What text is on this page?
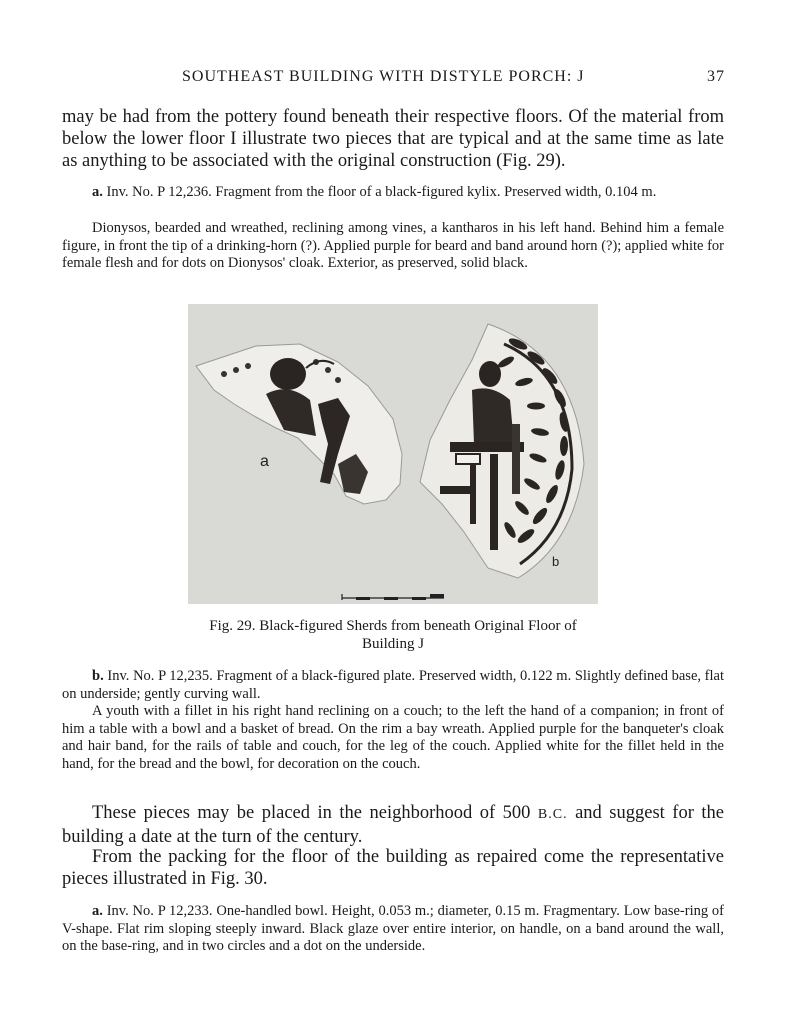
SOUTHEAST BUILDING WITH DISTYLE PORCH: J	37

may be had from the pottery found beneath their respective floors. Of the material from below the lower floor I illustrate two pieces that are typical and at the same time as late as anything to be associated with the original construction (Fig. 29).

a. Inv. No. P 12,236. Fragment from the floor of a black-figured kylix. Preserved width, 0.104 m.

Dionysos, bearded and wreathed, reclining among vines, a kantharos in his left hand. Behind him a female figure, in front the tip of a drinking-horn (?). Applied purple for beard and band around horn (?); applied white for female flesh and for dots on Dionysos' cloak. Exterior, as preserved, solid black.

a
b

Fig. 29. Black-figured Sherds from beneath Original Floor of Building J

b. Inv. No. P 12,235. Fragment of a black-figured plate. Preserved width, 0.122 m. Slightly defined base, flat on underside; gently curving wall.

A youth with a fillet in his right hand reclining on a couch; to the left the hand of a companion; in front of him a table with a bowl and a basket of bread. On the rim a bay wreath. Applied purple for the banqueter's cloak and hair band, for the rails of table and couch, for the leg of the couch. Applied white for the fillet held in the hand, for the bread and the bowl, for decoration on the couch.

These pieces may be placed in the neighborhood of 500 B.C. and suggest for the building a date at the turn of the century.

From the packing for the floor of the building as repaired come the representative pieces illustrated in Fig. 30.

a. Inv. No. P 12,233. One-handled bowl. Height, 0.053 m.; diameter, 0.15 m. Fragmentary. Low base-ring of V-shape. Flat rim sloping steeply inward. Black glaze over entire interior, on handle, on a band around the wall, on the base-ring, and in two circles and a dot on the underside.
